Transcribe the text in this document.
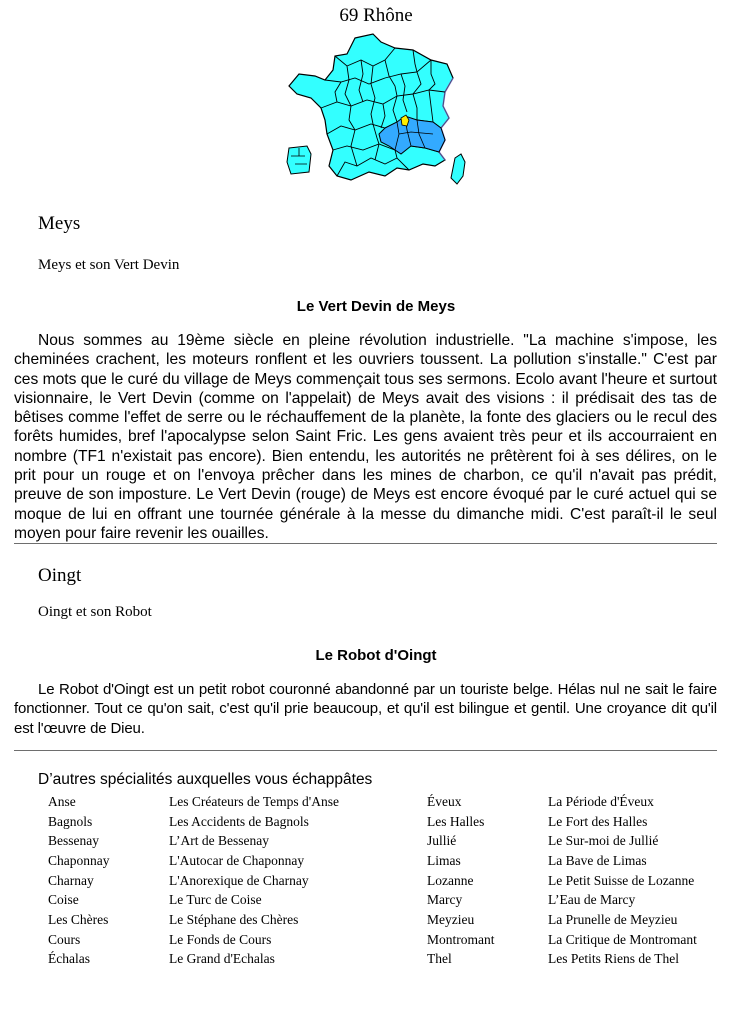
69 Rhône
Meys
Meys et son Vert Devin
Le Vert Devin de Meys

Nous sommes au 19ème siècle en pleine révolution industrielle. "La machine s'impose, les cheminées crachent, les moteurs ronflent et les ouvriers toussent. La pollution s'installe." C'est par ces mots que le curé du village de Meys commençait tous ses sermons. Ecolo avant l'heure et surtout visionnaire, le Vert Devin (comme on l'appelait) de Meys avait des visions : il prédisait des tas de bêtises comme l'effet de serre ou le réchauffement de la planète, la fonte des glaciers ou le recul des forêts humides, bref l'apocalypse selon Saint Fric. Les gens avaient très peur et ils accourraient en nombre (TF1 n'existait pas encore). Bien entendu, les autorités ne prêtèrent foi à ses délires, on le prit pour un rouge et on l'envoya prêcher dans les mines de charbon, ce qu'il n'avait pas prédit, preuve de son imposture. Le Vert Devin (rouge) de Meys est encore évoqué par le curé actuel qui se moque de lui en offrant une tournée générale à la messe du dimanche midi. C'est paraît-il le seul moyen pour faire revenir les ouailles.

Oingt
Oingt et son Robot
Le Robot d'Oingt

Le Robot d'Oingt est un petit robot couronné abandonné par un touriste belge. Hélas nul ne sait le faire fonctionner. Tout ce qu'on sait, c'est qu'il prie beaucoup, et qu'il est bilingue et gentil. Une croyance dit qu'il est l'œuvre de Dieu.

D’autres spécialités auxquelles vous échappâtes
Anse	Les Créateurs de Temps d'Anse	Éveux	La Période d'Éveux
Bagnols	Les Accidents de Bagnols	Les Halles	Le Fort des Halles
Bessenay	L’Art de Bessenay	Jullié	Le Sur-moi de Jullié
Chaponnay	L'Autocar de Chaponnay	Limas	La Bave de Limas
Charnay	L'Anorexique de Charnay	Lozanne	Le Petit Suisse de Lozanne
Coise	Le Turc de Coise	Marcy	L’Eau de Marcy
Les Chères	Le Stéphane des Chères	Meyzieu	La Prunelle de Meyzieu
Cours	Le Fonds de Cours	Montromant	La Critique de Montromant
Échalas	Le Grand d'Echalas	Thel	Les Petits Riens de Thel
